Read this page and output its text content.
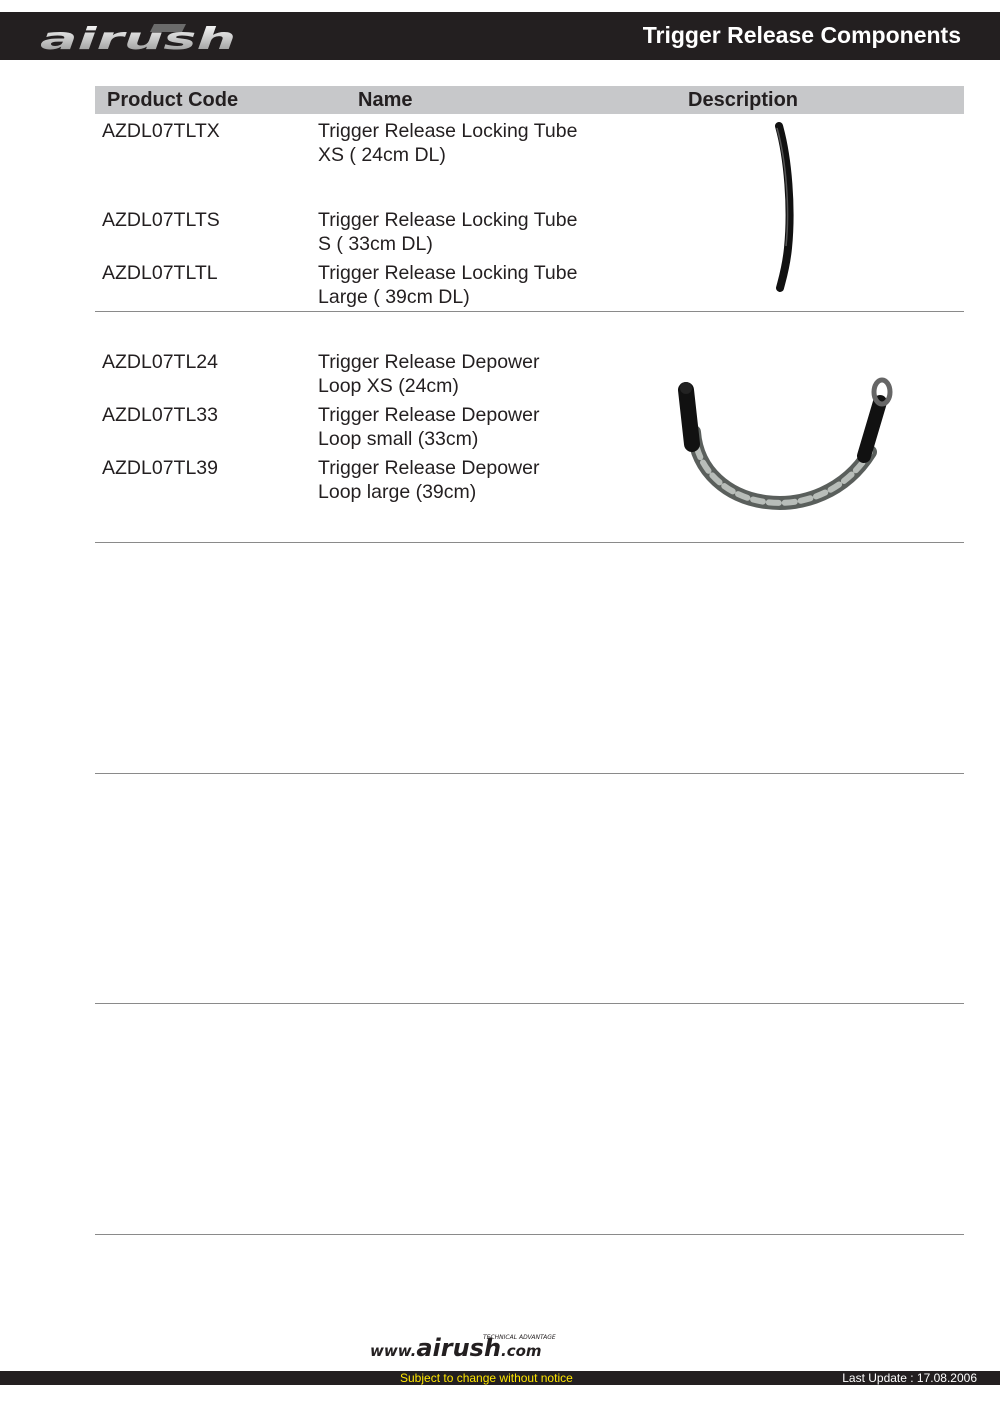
airush	Trigger Release Components
Product Code	Name	Description
AZDL07TLTX	Trigger Release Locking Tube
XS ( 24cm DL)
AZDL07TLTS	Trigger Release Locking Tube
S ( 33cm DL)
AZDL07TLTL	Trigger Release Locking Tube
Large ( 39cm DL)
AZDL07TL24	Trigger Release Depower
Loop XS (24cm)
AZDL07TL33	Trigger Release Depower
Loop small (33cm)
AZDL07TL39	Trigger Release Depower
Loop large (39cm)
TECHNICAL ADVANTAGE
www.airush.com
Subject to change without notice	Last Update : 17.08.2006
